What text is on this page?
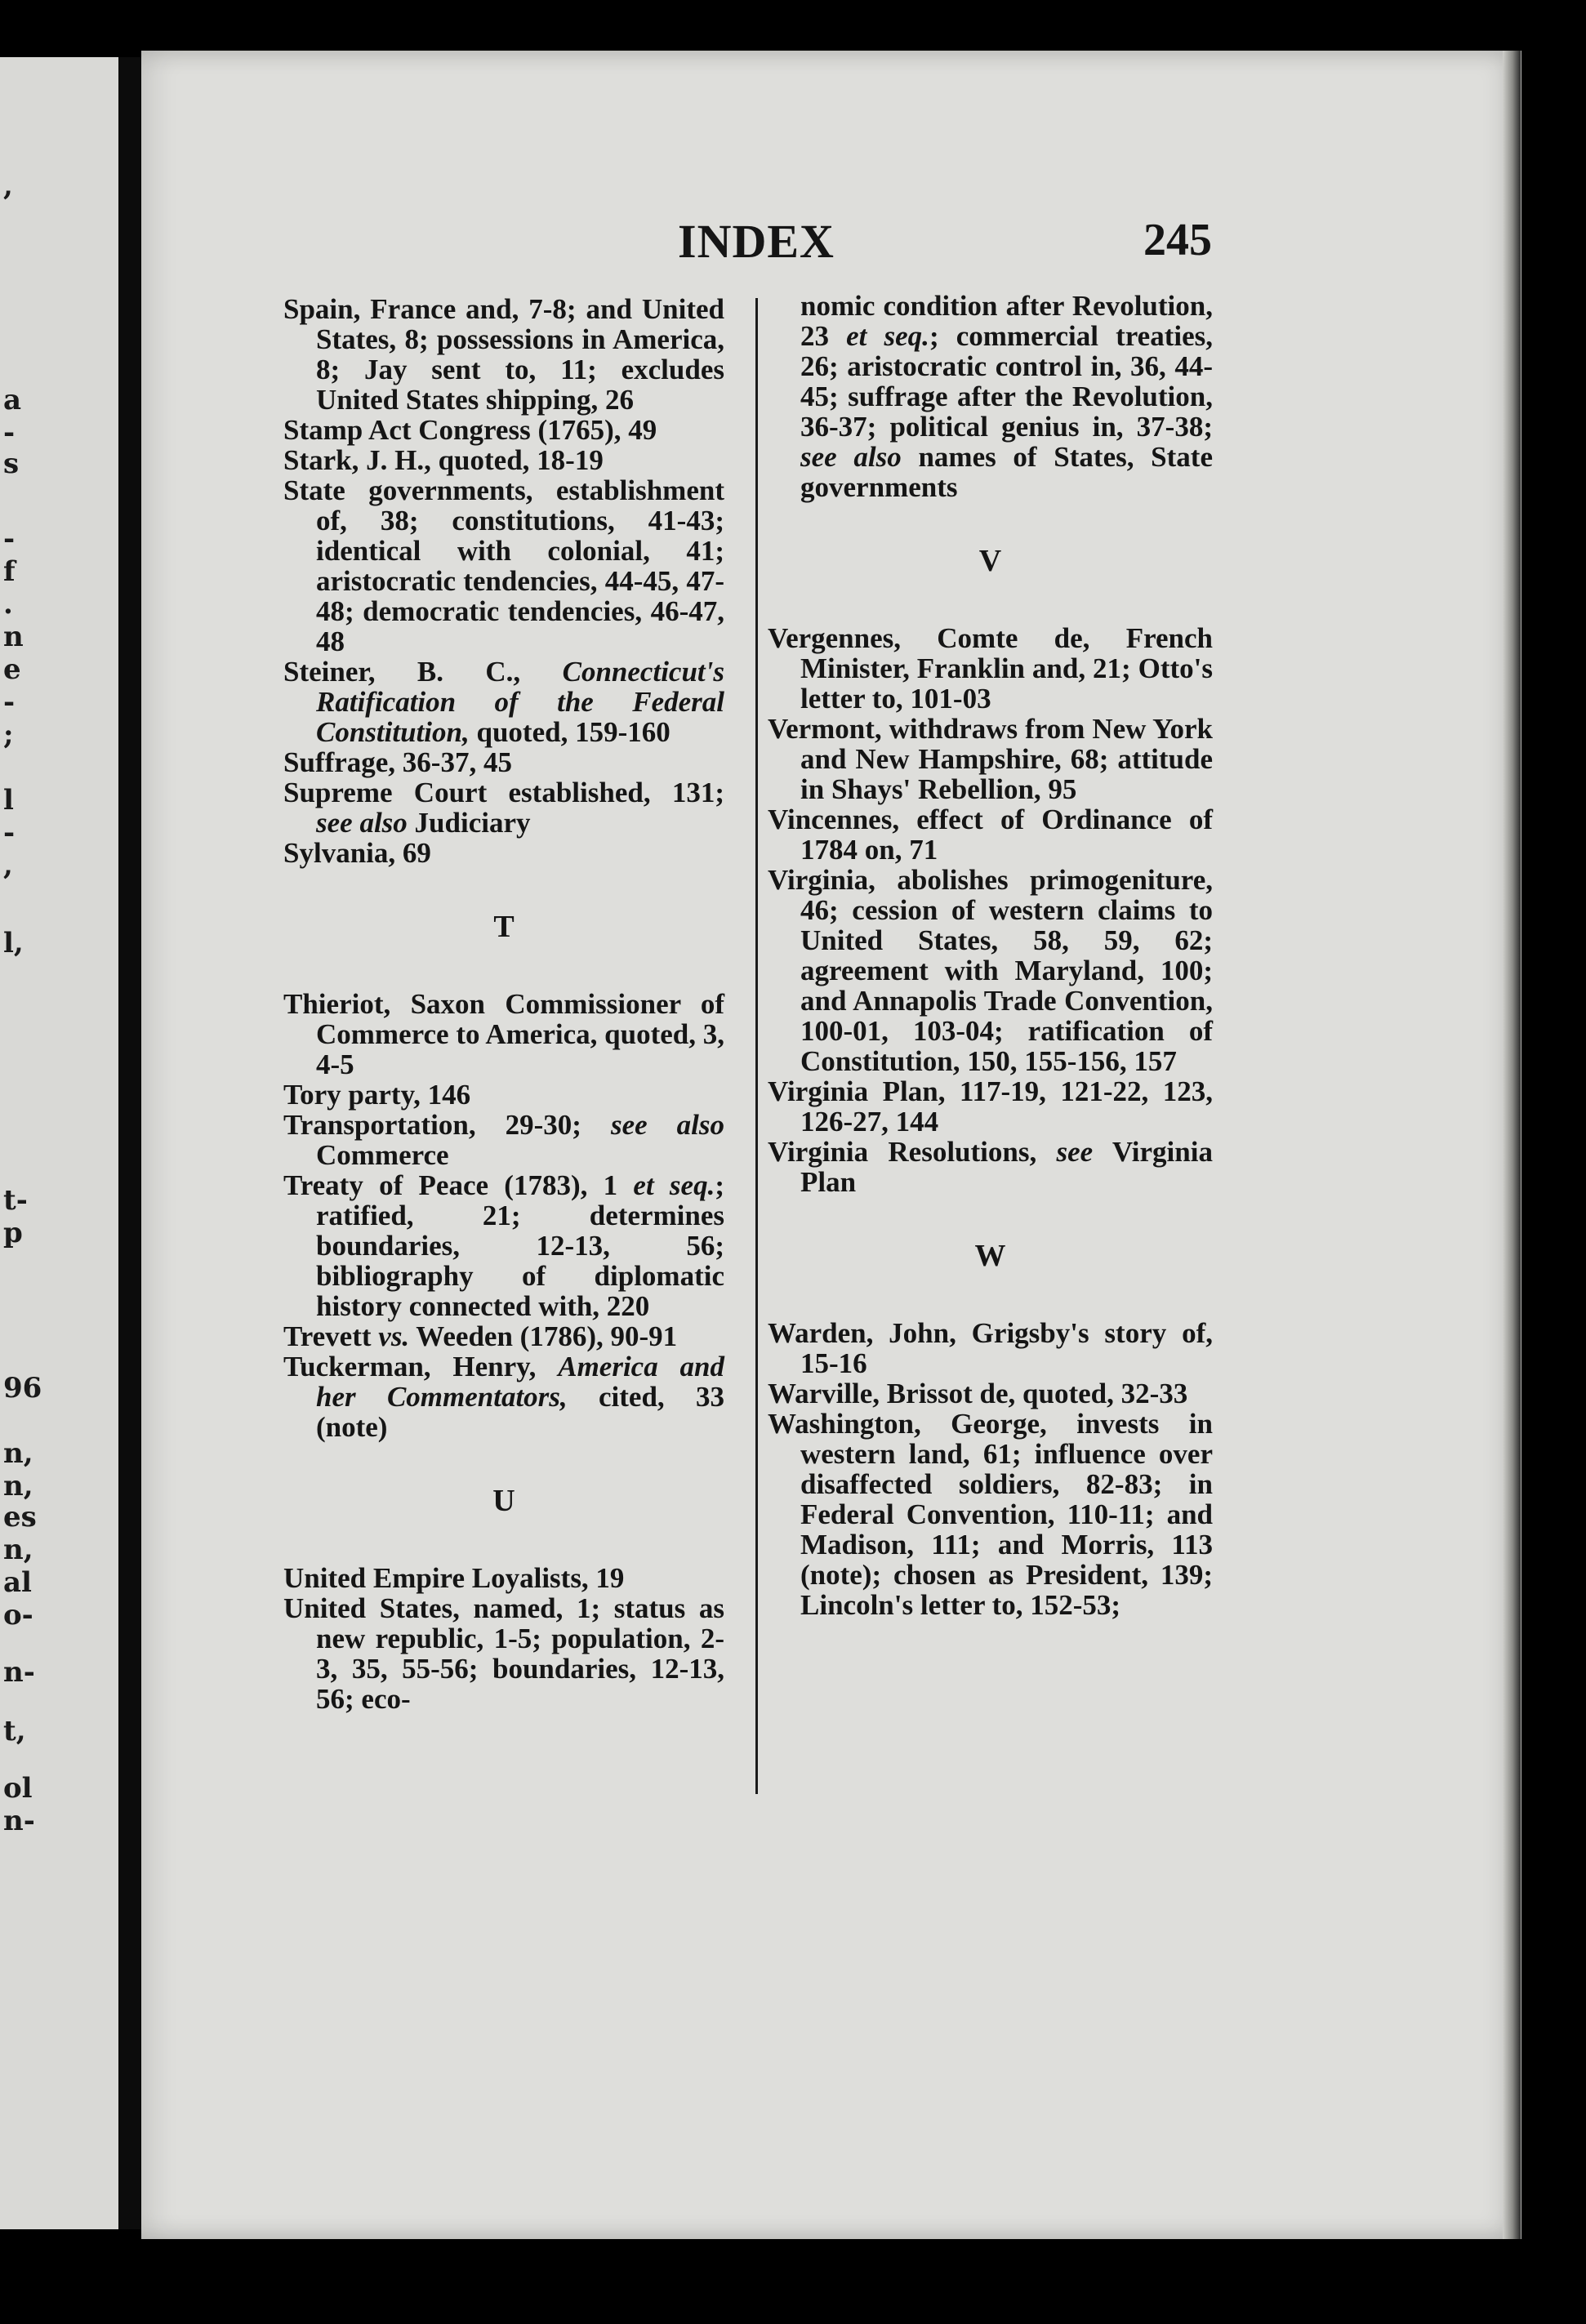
,
a
-
s
-
f
.
n
e
-
;
l
-
,
l,
t-
p
96
n,
n,
es
n,
al
o-
n-
t,
ol
n-
INDEX	245

Spain, France and, 7-8; and United States, 8; possessions in America, 8; Jay sent to, 11; excludes United States shipping, 26

Stamp Act Congress (1765), 49

Stark, J. H., quoted, 18-19

State governments, establishment of, 38; constitutions, 41-43; identical with colonial, 41; aristocratic tendencies, 44-45, 47-48; democratic tendencies, 46-47, 48

Steiner, B. C., Connecticut's Ratification of the Federal Constitution, quoted, 159-160

Suffrage, 36-37, 45

Supreme Court established, 131; see also Judiciary

Sylvania, 69

T

Thieriot, Saxon Commissioner of Commerce to America, quoted, 3, 4-5

Tory party, 146

Transportation, 29-30; see also Commerce

Treaty of Peace (1783), 1 et seq.; ratified, 21; determines boundaries, 12-13, 56; bibliography of diplomatic history connected with, 220

Trevett vs. Weeden (1786), 90-91

Tuckerman, Henry, America and her Commentators, cited, 33 (note)

U

United Empire Loyalists, 19

United States, named, 1; status as new republic, 1-5; population, 2-3, 35, 55-56; boundaries, 12-13, 56; eco-

nomic condition after Revolution, 23 et seq.; commercial treaties, 26; aristocratic control in, 36, 44-45; suffrage after the Revolution, 36-37; political genius in, 37-38; see also names of States, State governments

V

Vergennes, Comte de, French Minister, Franklin and, 21; Otto's letter to, 101-03

Vermont, withdraws from New York and New Hampshire, 68; attitude in Shays' Rebellion, 95

Vincennes, effect of Ordinance of 1784 on, 71

Virginia, abolishes primogeniture, 46; cession of western claims to United States, 58, 59, 62; agreement with Maryland, 100; and Annapolis Trade Convention, 100-01, 103-04; ratification of Constitution, 150, 155-156, 157

Virginia Plan, 117-19, 121-22, 123, 126-27, 144

Virginia Resolutions, see Virginia Plan

W

Warden, John, Grigsby's story of, 15-16

Warville, Brissot de, quoted, 32-33

Washington, George, invests in western land, 61; influence over disaffected soldiers, 82-83; in Federal Convention, 110-11; and Madison, 111; and Morris, 113 (note); chosen as President, 139; Lincoln's letter to, 152-53;
